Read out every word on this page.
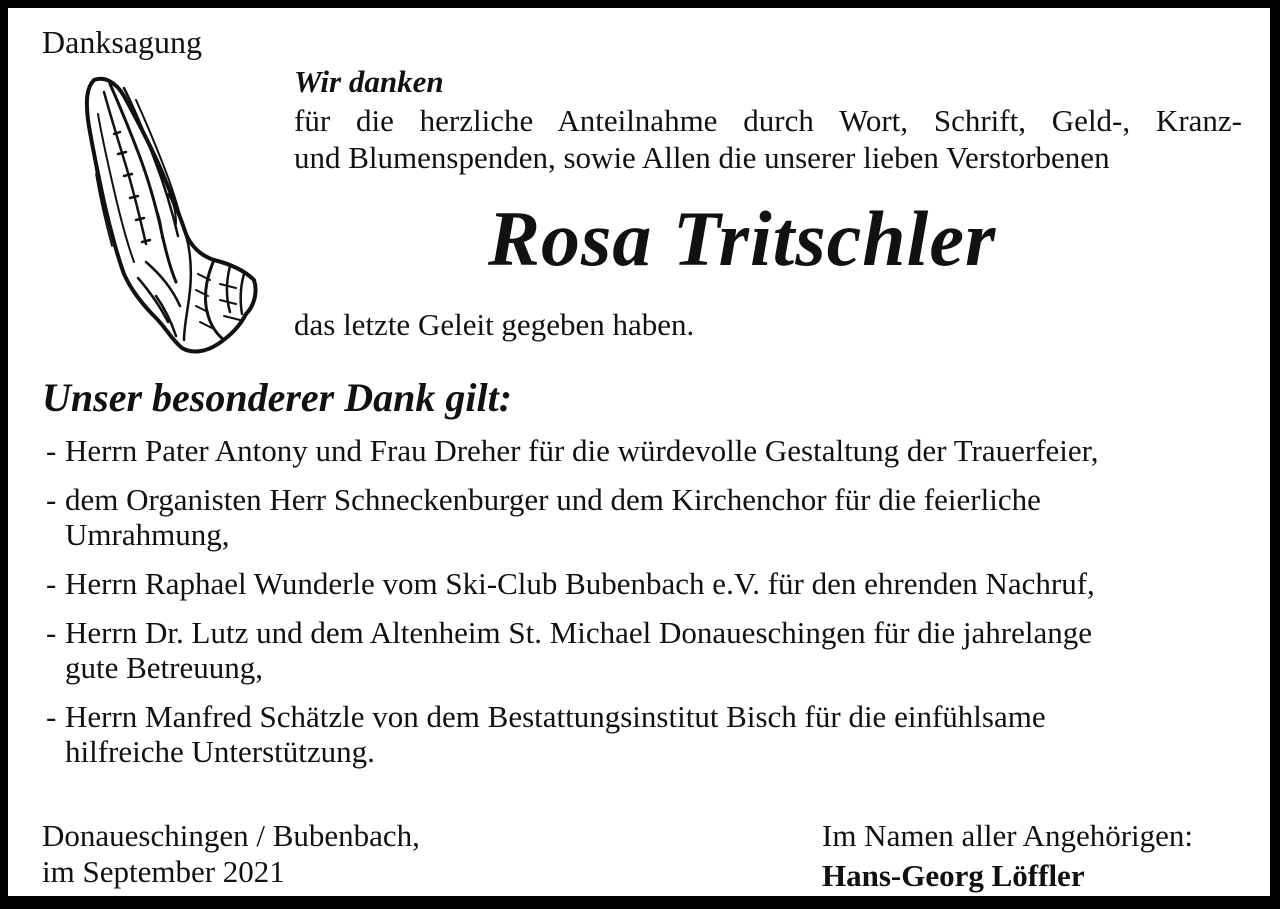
Danksagung
Wir danken

für die herzliche Anteilnahme durch Wort, Schrift, Geld-, Kranz-

und Blumenspenden, sowie Allen die unserer lieben Verstorbenen

Rosa Tritschler
das letzte Geleit gegeben haben.
Unser besonderer Dank gilt:
- Herrn Pater Antony und Frau Dreher für die würdevolle Gestaltung der Trauerfeier,
- dem Organisten Herr Schneckenburger und dem Kirchenchor für die feierliche
Umrahmung,
- Herrn Raphael Wunderle vom Ski-Club Bubenbach e.V. für den ehrenden Nachruf,
- Herrn Dr. Lutz und dem Altenheim St. Michael Donaueschingen für die jahrelange
gute Betreuung,
- Herrn Manfred Schätzle von dem Bestattungsinstitut Bisch für die einfühlsame
hilfreiche Unterstützung.
Donaueschingen / Bubenbach,
im September 2021
Im Namen aller Angehörigen:
Hans-Georg Löffler
